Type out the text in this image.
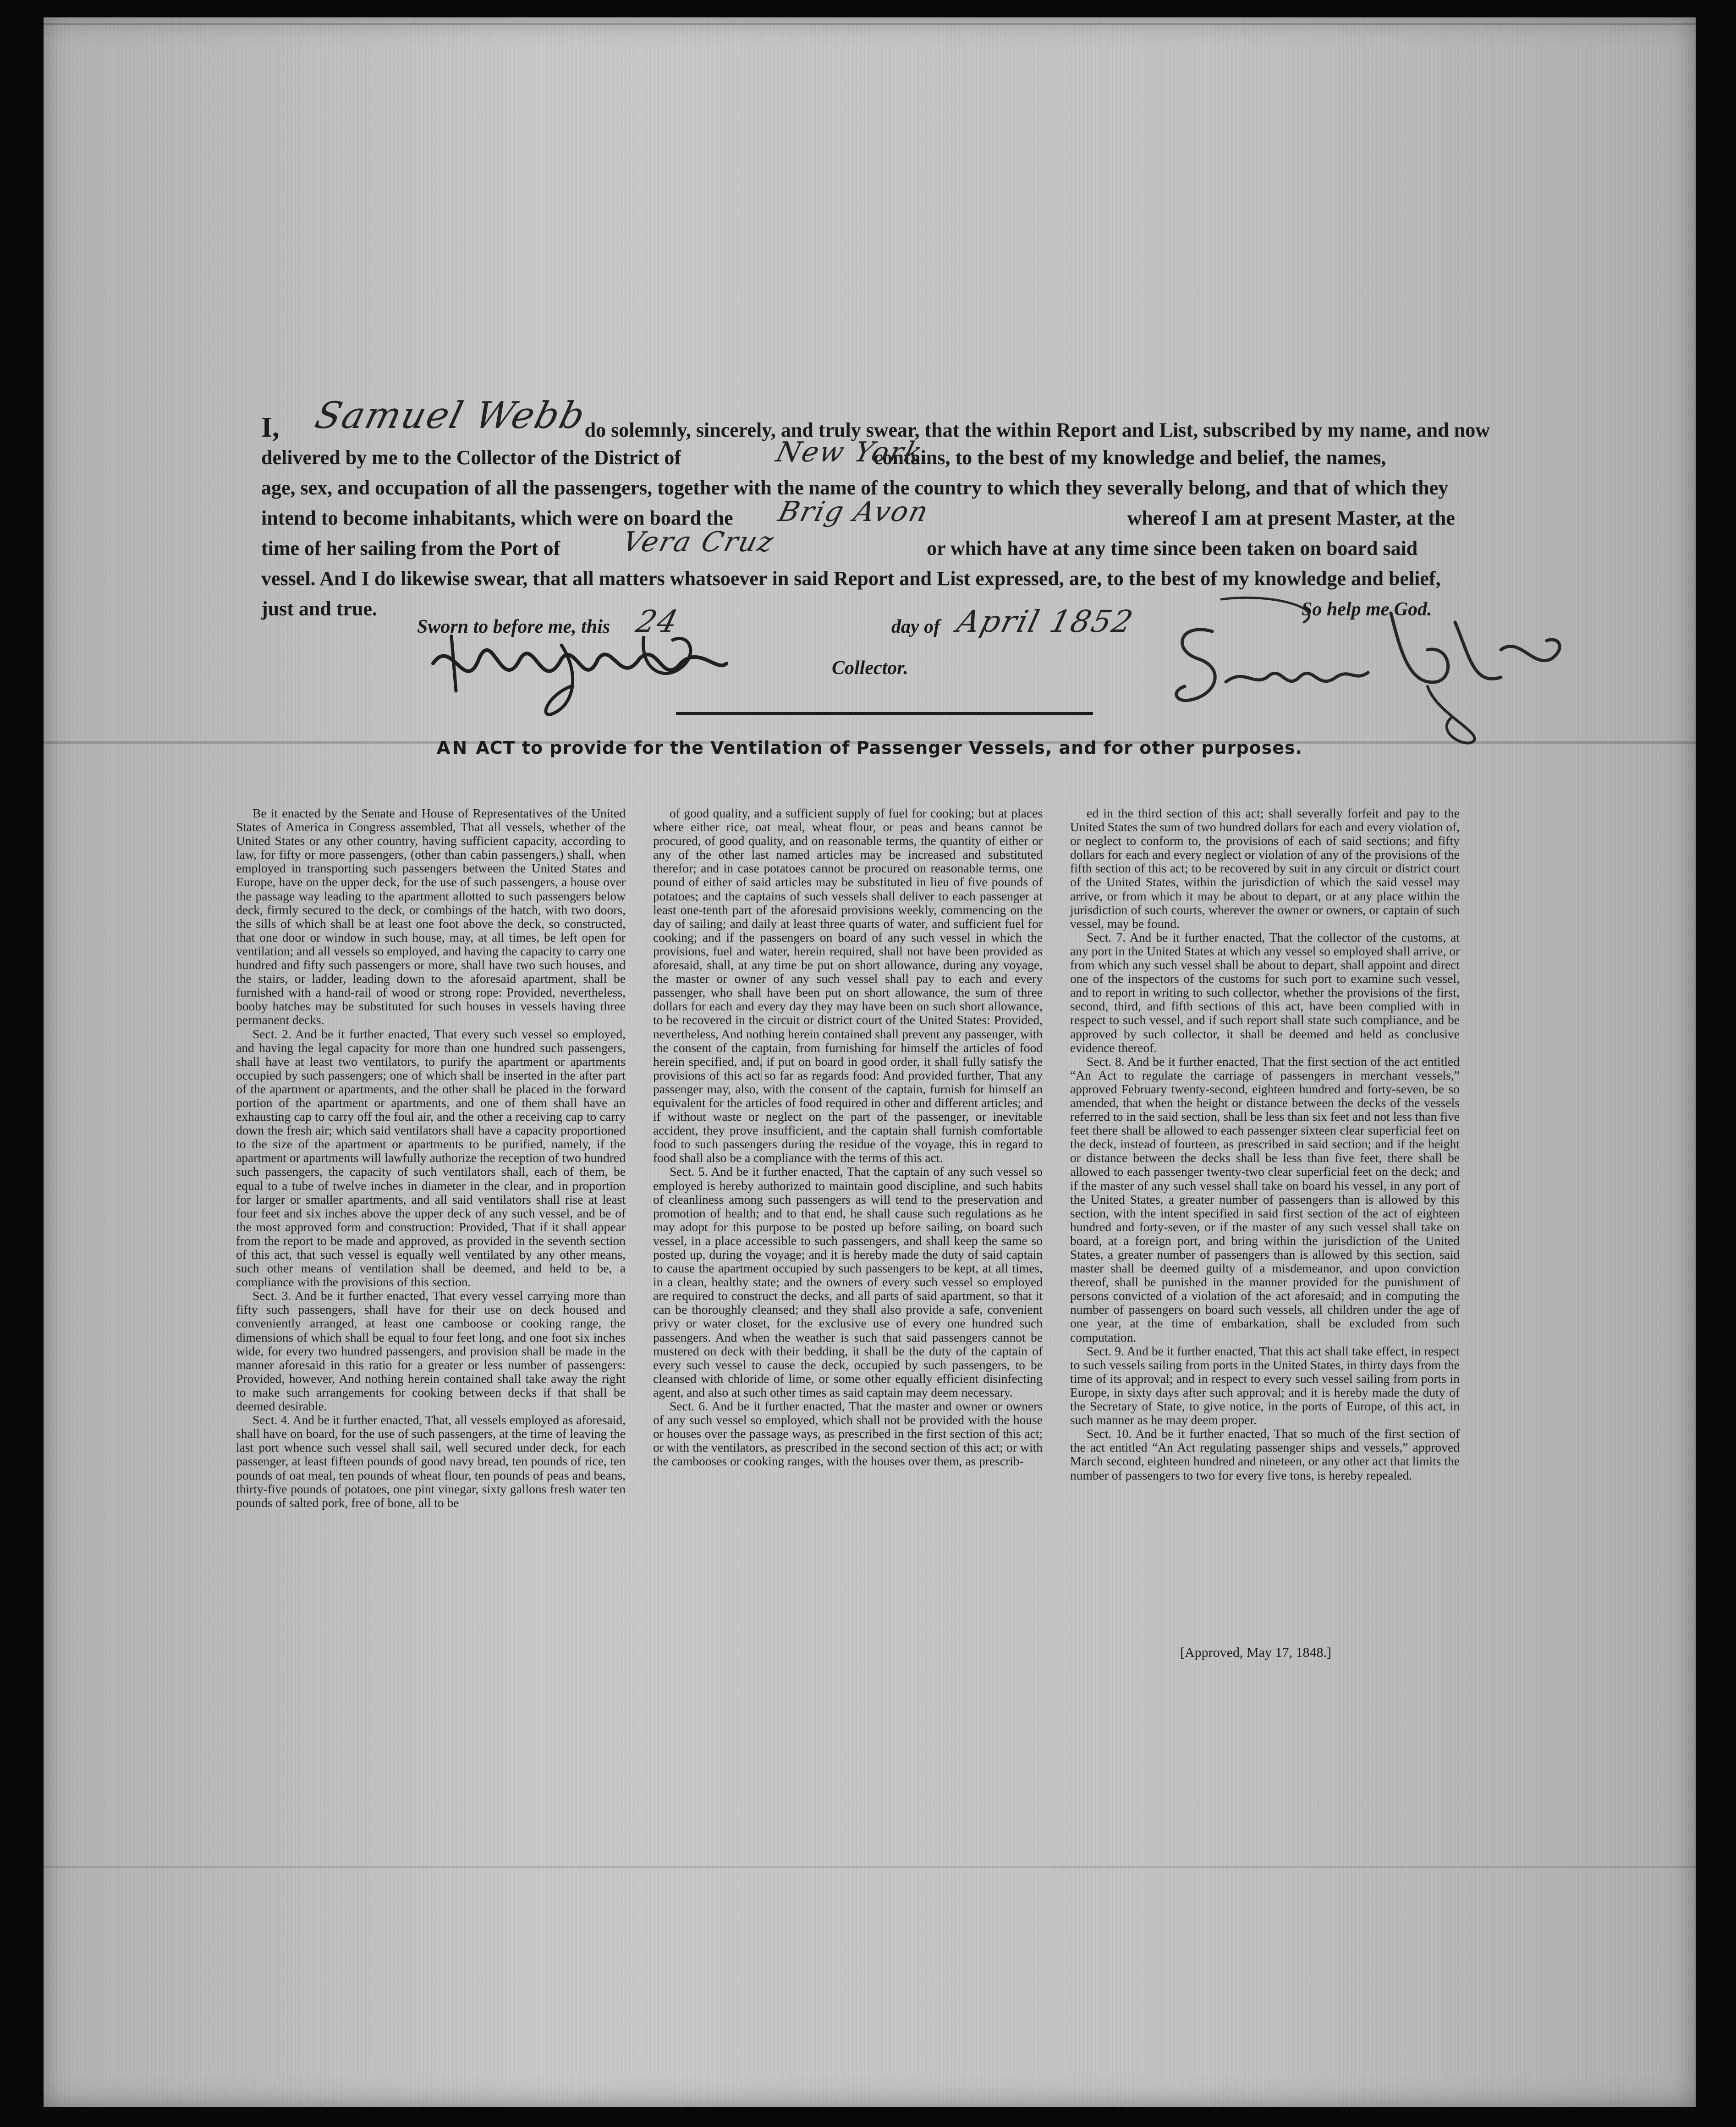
I,	do solemnly, sincerely, and truly swear, that the within Report and List, subscribed by my name, and now
Samuel Webb
delivered by me to the Collector of the District of	contains, to the best of my knowledge and belief, the names,
New York
age, sex, and occupation of all the passengers, together with the name of the country to which they severally belong, and that of which they
intend to become inhabitants, which were on board the	whereof I am at present Master, at the
Brig Avon
time of her sailing from the Port of	or which have at any time since been taken on board said
Vera Cruz
vessel. And I do likewise swear, that all matters whatsoever in said Report and List expressed, are, to the best of my knowledge and belief,
just and true.	So help me God.
Sworn to before me, this 24	day of April 1852
Collector.
AN ACT to provide for the Ventilation of Passenger Vessels, and for other purposes.

Be it enacted by the Senate and House of Representatives of the United States of America in Congress assembled, That all vessels, whether of the United States or any other country, having sufficient capacity, according to law, for fifty or more passengers, (other than cabin passengers,) shall, when employed in transporting such passengers between the United States and Europe, have on the upper deck, for the use of such passengers, a house over the passage way leading to the apartment allotted to such passengers below deck, firmly secured to the deck, or combings of the hatch, with two doors, the sills of which shall be at least one foot above the deck, so constructed, that one door or window in such house, may, at all times, be left open for ventilation; and all vessels so employed, and having the capacity to carry one hundred and fifty such passengers or more, shall have two such houses, and the stairs, or ladder, leading down to the aforesaid apartment, shall be furnished with a hand-rail of wood or strong rope: Provided, nevertheless, booby hatches may be substituted for such houses in vessels having three permanent decks.

Sect. 2. And be it further enacted, That every such vessel so employed, and having the legal capacity for more than one hundred such passengers, shall have at least two ventilators, to purify the apartment or apartments occupied by such passengers; one of which shall be inserted in the after part of the apartment or apartments, and the other shall be placed in the forward portion of the apartment or apartments, and one of them shall have an exhausting cap to carry off the foul air, and the other a receiving cap to carry down the fresh air; which said ventilators shall have a capacity proportioned to the size of the apartment or apartments to be purified, namely, if the apartment or apartments will lawfully authorize the reception of two hundred such passengers, the capacity of such ventilators shall, each of them, be equal to a tube of twelve inches in diameter in the clear, and in proportion for larger or smaller apartments, and all said ventilators shall rise at least four feet and six inches above the upper deck of any such vessel, and be of the most approved form and construction: Provided, That if it shall appear from the report to be made and approved, as provided in the seventh section of this act, that such vessel is equally well ventilated by any other means, such other means of ventilation shall be deemed, and held to be, a compliance with the provisions of this section.

Sect. 3. And be it further enacted, That every vessel carrying more than fifty such passengers, shall have for their use on deck housed and conveniently arranged, at least one camboose or cooking range, the dimensions of which shall be equal to four feet long, and one foot six inches wide, for every two hundred passengers, and provision shall be made in the manner aforesaid in this ratio for a greater or less number of passengers: Provided, however, And nothing herein contained shall take away the right to make such arrangements for cooking between decks if that shall be deemed desirable.

Sect. 4. And be it further enacted, That, all vessels employed as aforesaid, shall have on board, for the use of such passengers, at the time of leaving the last port whence such vessel shall sail, well secured under deck, for each passenger, at least fifteen pounds of good navy bread, ten pounds of rice, ten pounds of oat meal, ten pounds of wheat flour, ten pounds of peas and beans, thirty-five pounds of potatoes, one pint vinegar, sixty gallons fresh water ten pounds of salted pork, free of bone, all to be

of good quality, and a sufficient supply of fuel for cooking; but at places where either rice, oat meal, wheat flour, or peas and beans cannot be procured, of good quality, and on reasonable terms, the quantity of either or any of the other last named articles may be increased and substituted therefor; and in case potatoes cannot be procured on reasonable terms, one pound of either of said articles may be substituted in lieu of five pounds of potatoes; and the captains of such vessels shall deliver to each passenger at least one-tenth part of the aforesaid provisions weekly, commencing on the day of sailing; and daily at least three quarts of water, and sufficient fuel for cooking; and if the passengers on board of any such vessel in which the provisions, fuel and water, herein required, shall not have been provided as aforesaid, shall, at any time be put on short allowance, during any voyage, the master or owner of any such vessel shall pay to each and every passenger, who shall have been put on short allowance, the sum of three dollars for each and every day they may have been on such short allowance, to be recovered in the circuit or district court of the United States: Provided, nevertheless, And nothing herein contained shall prevent any passenger, with the consent of the captain, from furnishing for himself the articles of food herein specified, and, if put on board in good order, it shall fully satisfy the provisions of this act so far as regards food: And provided further, That any passenger may, also, with the consent of the captain, furnish for himself an equivalent for the articles of food required in other and different articles; and if without waste or neglect on the part of the passenger, or inevitable accident, they prove insufficient, and the captain shall furnish comfortable food to such passengers during the residue of the voyage, this in regard to food shall also be a compliance with the terms of this act.

Sect. 5. And be it further enacted, That the captain of any such vessel so employed is hereby authorized to maintain good discipline, and such habits of cleanliness among such passengers as will tend to the preservation and promotion of health; and to that end, he shall cause such regulations as he may adopt for this purpose to be posted up before sailing, on board such vessel, in a place accessible to such passengers, and shall keep the same so posted up, during the voyage; and it is hereby made the duty of said captain to cause the apartment occupied by such passengers to be kept, at all times, in a clean, healthy state; and the owners of every such vessel so employed are required to construct the decks, and all parts of said apartment, so that it can be thoroughly cleansed; and they shall also provide a safe, convenient privy or water closet, for the exclusive use of every one hundred such passengers. And when the weather is such that said passengers cannot be mustered on deck with their bedding, it shall be the duty of the captain of every such vessel to cause the deck, occupied by such passengers, to be cleansed with chloride of lime, or some other equally efficient disinfecting agent, and also at such other times as said captain may deem necessary.

Sect. 6. And be it further enacted, That the master and owner or owners of any such vessel so employed, which shall not be provided with the house or houses over the passage ways, as prescribed in the first section of this act; or with the ventilators, as prescribed in the second section of this act; or with the cambooses or cooking ranges, with the houses over them, as prescrib-

ed in the third section of this act; shall severally forfeit and pay to the United States the sum of two hundred dollars for each and every violation of, or neglect to conform to, the provisions of each of said sections; and fifty dollars for each and every neglect or violation of any of the provisions of the fifth section of this act; to be recovered by suit in any circuit or district court of the United States, within the jurisdiction of which the said vessel may arrive, or from which it may be about to depart, or at any place within the jurisdiction of such courts, wherever the owner or owners, or captain of such vessel, may be found.

Sect. 7. And be it further enacted, That the collector of the customs, at any port in the United States at which any vessel so employed shall arrive, or from which any such vessel shall be about to depart, shall appoint and direct one of the inspectors of the customs for such port to examine such vessel, and to report in writing to such collector, whether the provisions of the first, second, third, and fifth sections of this act, have been complied with in respect to such vessel, and if such report shall state such compliance, and be approved by such collector, it shall be deemed and held as conclusive evidence thereof.

Sect. 8. And be it further enacted, That the first section of the act entitled “An Act to regulate the carriage of passengers in merchant vessels,” approved February twenty-second, eighteen hundred and forty-seven, be so amended, that when the height or distance between the decks of the vessels referred to in the said section, shall be less than six feet and not less than five feet there shall be allowed to each passenger sixteen clear superficial feet on the deck, instead of fourteen, as prescribed in said section; and if the height or distance between the decks shall be less than five feet, there shall be allowed to each passenger twenty-two clear superficial feet on the deck; and if the master of any such vessel shall take on board his vessel, in any port of the United States, a greater number of passengers than is allowed by this section, with the intent specified in said first section of the act of eighteen hundred and forty-seven, or if the master of any such vessel shall take on board, at a foreign port, and bring within the jurisdiction of the United States, a greater number of passengers than is allowed by this section, said master shall be deemed guilty of a misdemeanor, and upon conviction thereof, shall be punished in the manner provided for the punishment of persons convicted of a violation of the act aforesaid; and in computing the number of passengers on board such vessels, all children under the age of one year, at the time of embarkation, shall be excluded from such computation.

Sect. 9. And be it further enacted, That this act shall take effect, in respect to such vessels sailing from ports in the United States, in thirty days from the time of its approval; and in respect to every such vessel sailing from ports in Europe, in sixty days after such approval; and it is hereby made the duty of the Secretary of State, to give notice, in the ports of Europe, of this act, in such manner as he may deem proper.

Sect. 10. And be it further enacted, That so much of the first section of the act entitled “An Act regulating passenger ships and vessels,” approved March second, eighteen hundred and nineteen, or any other act that limits the number of passengers to two for every five tons, is hereby repealed.

[Approved, May 17, 1848.]
